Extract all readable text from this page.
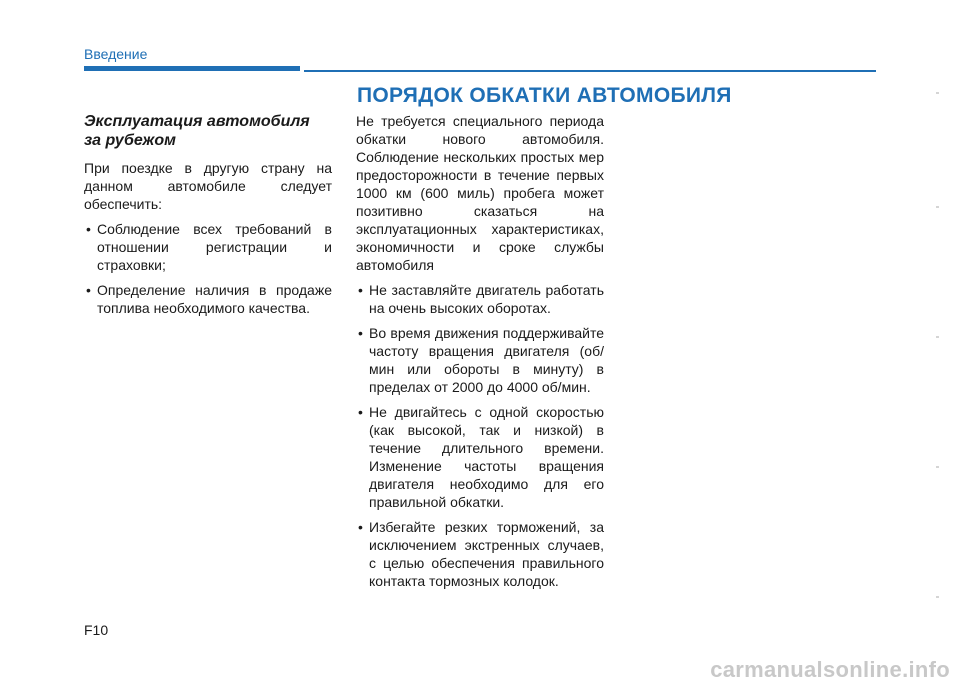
Введение
ПОРЯДОК ОБКАТКИ АВТОМОБИЛЯ
Эксплуатация автомобиля
за рубежом

При поездке в другую страну на данном автомобиле следует обеспечить:

• Соблюдение всех требований в отношении регистрации и страховки;
• Определение наличия в продаже топлива необходимого качества.

Не требуется специального периода обкатки нового автомобиля. Соблюдение нескольких простых мер предосторожности в течение первых 1000 км (600 миль) пробега может позитивно сказаться на эксплуатационных характеристиках, экономичности и сроке службы автомобиля

• Не заставляйте двигатель работать на очень высоких оборотах.
• Во время движения поддерживайте частоту вращения двигателя (об/мин или обороты в минуту) в пределах от 2000 до 4000 об/мин.
• Не двигайтесь с одной скоростью (как высокой, так и низкой) в течение длительного времени. Изменение частоты вращения двигателя необходимо для его правильной обкатки.
• Избегайте резких торможений, за исключением экстренных случаев, с целью обеспечения правильного контакта тормозных колодок.
F10
carmanualsonline.info
